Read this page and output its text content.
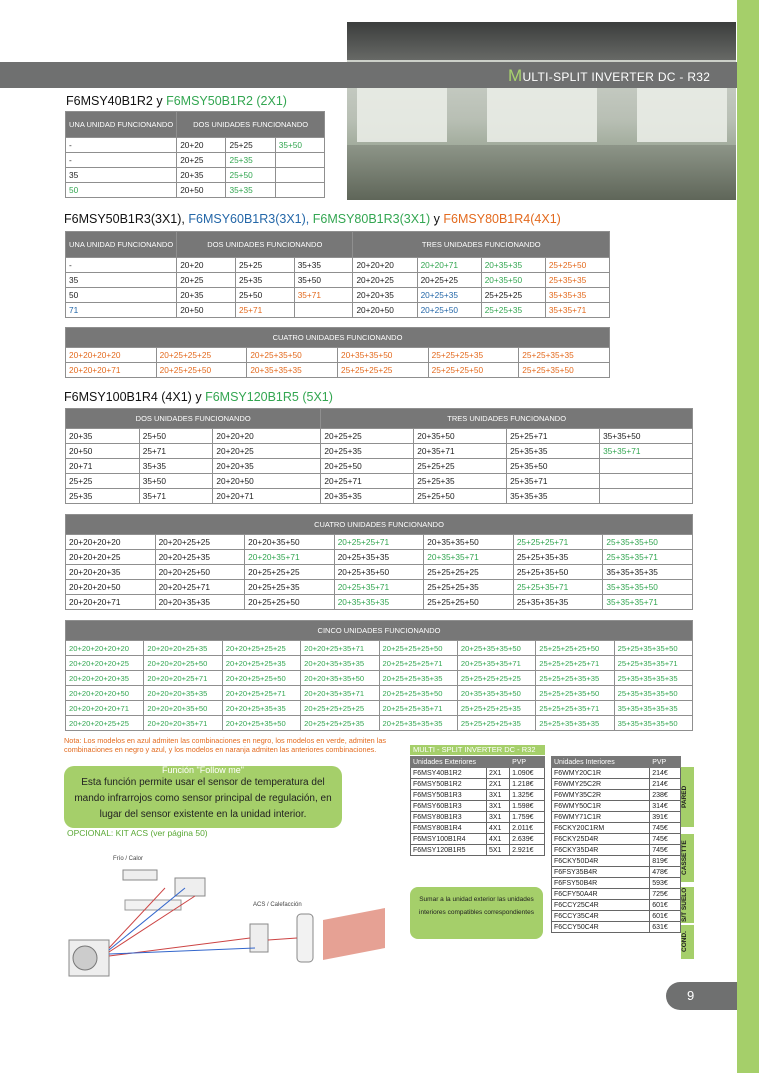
MULTI-SPLIT INVERTER DC - R32
F6MSY40B1R2 y F6MSY50B1R2 (2X1)
UNA UNIDAD FUNCIONANDO	DOS UNIDADES FUNCIONANDO		
-	20+20	25+25	35+50
-	20+25	25+35	
35	20+35	25+50	
50	20+50	35+35	
F6MSY50B1R3(3X1), F6MSY60B1R3(3X1), F6MSY80B1R3(3X1) y F6MSY80B1R4(4X1)
UNA UNIDAD FUNCIONANDO	DOS UNIDADES FUNCIONANDO			TRES UNIDADES FUNCIONANDO			
-	20+20	25+25	35+35	20+20+20	20+20+71	20+35+35	25+25+50
35	20+25	25+35	35+50	20+20+25	20+25+25	20+35+50	25+35+35
50	20+35	25+50	35+71	20+20+35	20+25+35	25+25+25	35+35+35
71	20+50	25+71		20+20+50	20+25+50	25+25+35	35+35+71
CUATRO UNIDADES FUNCIONANDO					
20+20+20+20	20+25+25+25	20+25+35+50	20+35+35+50	25+25+25+35	25+25+35+35
20+20+20+71	20+25+25+50	20+35+35+35	25+25+25+25	25+25+25+50	25+25+35+50
F6MSY100B1R4 (4X1) y F6MSY120B1R5 (5X1)
DOS UNIDADES FUNCIONANDO			TRES UNIDADES FUNCIONANDO			
20+35	25+50	20+20+20	20+25+25	20+35+50	25+25+71	35+35+50
20+50	25+71	20+20+25	20+25+35	20+35+71	25+35+35	35+35+71
20+71	35+35	20+20+35	20+25+50	25+25+25	25+35+50	
25+25	35+50	20+20+50	20+25+71	25+25+35	25+35+71	
25+35	35+71	20+20+71	20+35+35	25+25+50	35+35+35	
CUATRO UNIDADES FUNCIONANDO						
20+20+20+20	20+20+25+25	20+20+35+50	20+25+25+71	20+35+35+50	25+25+25+71	25+35+35+50
20+20+20+25	20+20+25+35	20+20+35+71	20+25+35+35	20+35+35+71	25+25+35+35	25+35+35+71
20+20+20+35	20+20+25+50	20+25+25+25	20+25+35+50	25+25+25+25	25+25+35+50	35+35+35+35
20+20+20+50	20+20+25+71	20+25+25+35	20+25+35+71	25+25+25+35	25+25+35+71	35+35+35+50
20+20+20+71	20+20+35+35	20+25+25+50	20+35+35+35	25+25+25+50	25+35+35+35	35+35+35+71
CINCO UNIDADES FUNCIONANDO							
20+20+20+20+20	20+20+20+25+35	20+20+25+25+25	20+20+25+35+71	20+25+25+25+50	20+25+35+35+50	25+25+25+25+50	25+25+35+35+50
20+20+20+20+25	20+20+20+25+50	20+20+25+25+35	20+20+35+35+35	20+25+25+25+71	20+25+35+35+71	25+25+25+25+71	25+25+35+35+71
20+20+20+20+35	20+20+20+25+71	20+20+25+25+50	20+20+35+35+50	20+25+25+35+35	25+25+25+25+25	25+25+25+35+35	25+35+35+35+35
20+20+20+20+50	20+20+20+35+35	20+20+25+25+71	20+20+35+35+71	20+25+25+35+50	20+35+35+35+50	25+25+25+35+50	25+35+35+35+50
20+20+20+20+71	20+20+20+35+50	20+20+25+35+35	20+25+25+25+25	20+25+25+35+71	25+25+25+25+35	25+25+25+35+71	35+35+35+35+35
20+20+20+25+25	20+20+20+35+71	20+20+25+35+50	20+25+25+25+35	20+25+35+35+35	25+25+25+25+35	25+25+35+35+35	35+35+35+35+50
Nota: Los modelos en azul admiten las combinaciones en negro, los modelos en verde, admiten las combinaciones en negro y azul, y los modelos en naranja admiten las anteriores combinaciones.
Función "Follow me"
Esta función permite usar el sensor de temperatura del mando infrarrojos como sensor principal de regulación, en lugar del sensor existente en la unidad interior.
OPCIONAL: KIT ACS (ver página 50)
Frío / Calor
ACS / Calefacción
MULTI - SPLIT INVERTER DC - R32
Unidades Exteriores		PVP
F6MSY40B1R2	2X1	1.090€
F6MSY50B1R2	2X1	1.218€
F6MSY50B1R3	3X1	1.325€
F6MSY60B1R3	3X1	1.598€
F6MSY80B1R3	3X1	1.759€
F6MSY80B1R4	4X1	2.011€
F6MSY100B1R4	4X1	2.639€
F6MSY120B1R5	5X1	2.921€
Unidades Interiores	PVP
F6WMY20C1R	214€
F6WMY25C2R	214€
F6WMY35C2R	238€
F6WMY50C1R	314€
F6WMY71C1R	391€
F6CKY20C1RM	745€
F6CKY25D4R	745€
F6CKY35D4R	745€
F6CKY50D4R	819€
F6FSY35B4R	478€
F6FSY50B4R	593€
F6CFY50A4R	725€
F6CCY25C4R	601€
F6CCY35C4R	601€
F6CCY50C4R	631€
PARED
CASSETTE
S/T SUELO
COND.
Sumar a la unidad exterior las unidades interiores compatibles correspondientes
9
